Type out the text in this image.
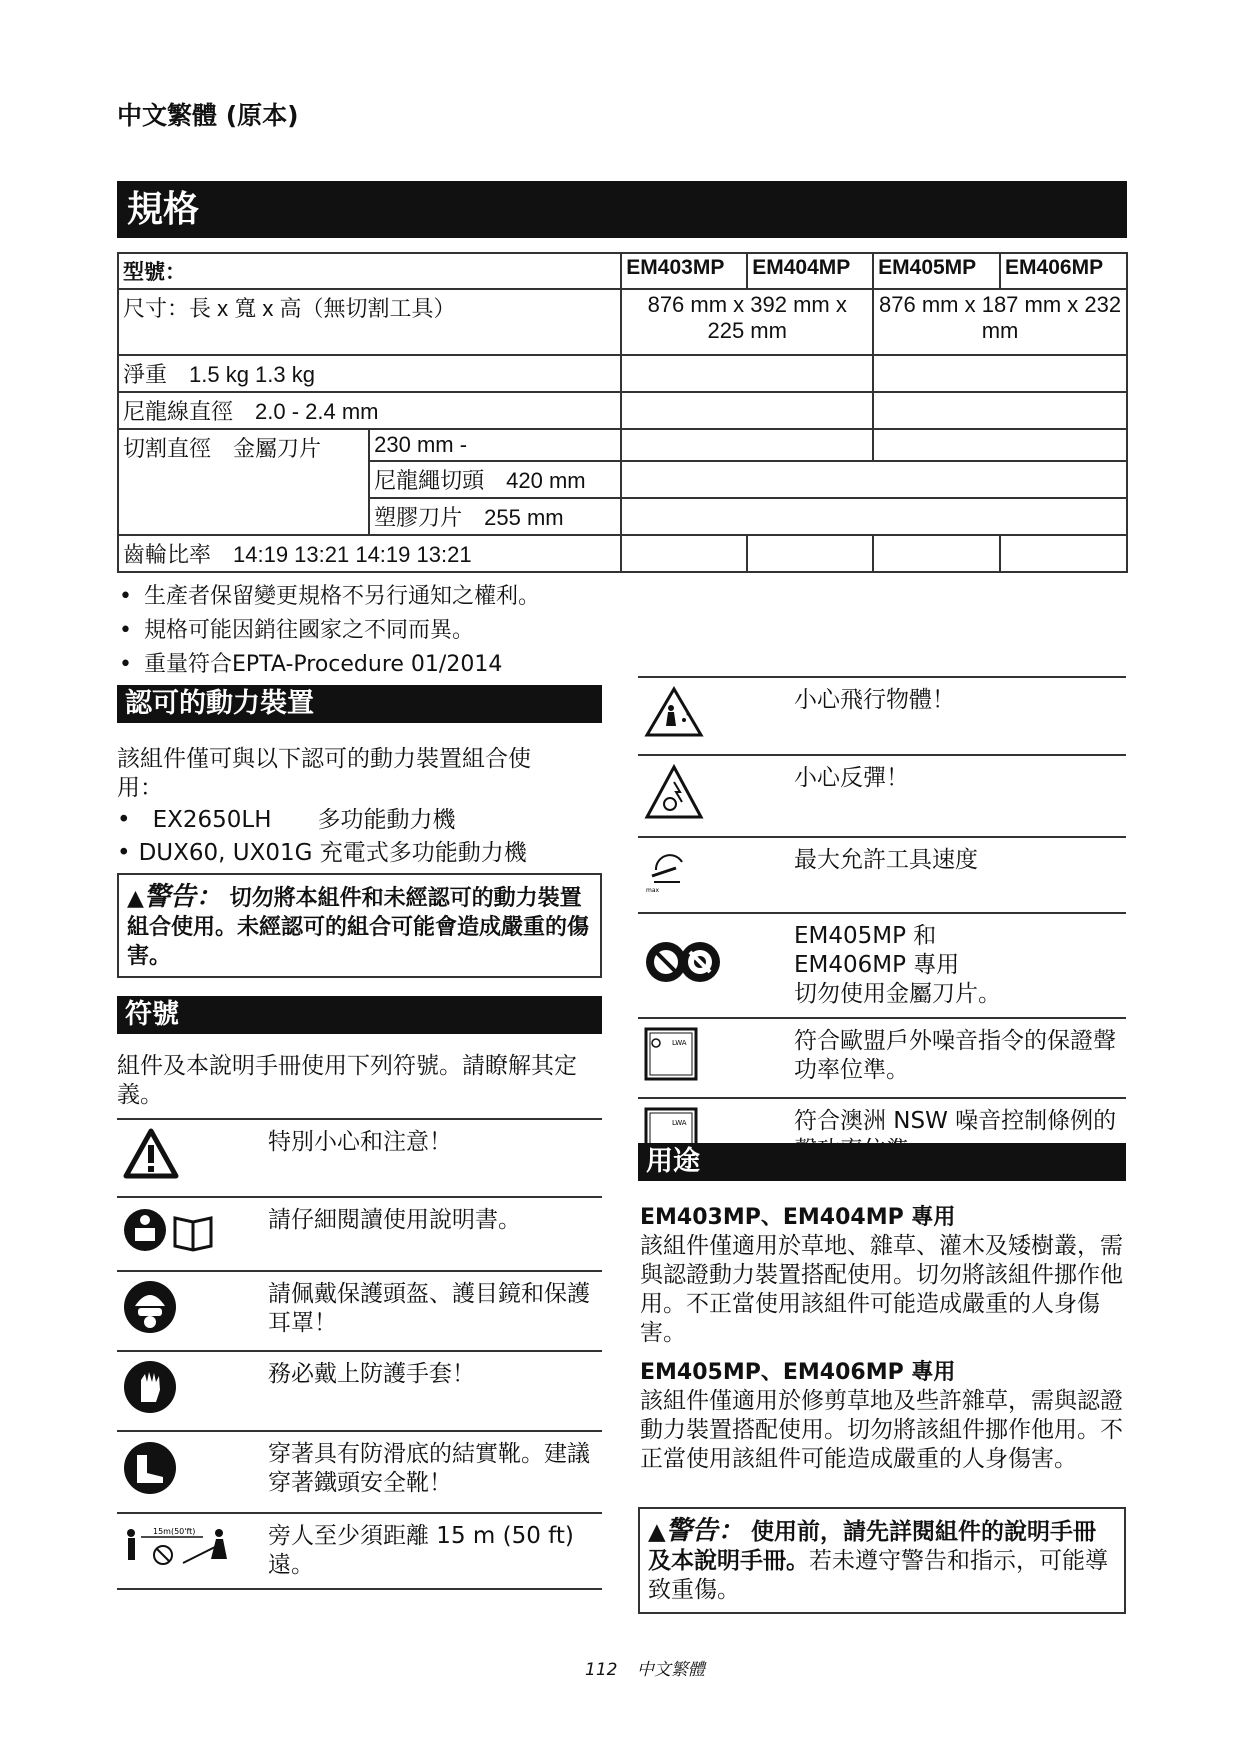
中文繁體 (原本)
規格
型號：		EM403MP	EM404MP	EM405MP	EM406MP
尺寸：長 x 寬 x 高（無切割工具）		876 mm x 392 mm x 225 mm		876 mm x 187 mm x 232 mm	
淨重　1.5 kg 1.3 kg					
尼龍線直徑　2.0 - 2.4 mm					
切割直徑　金屬刀片	230 mm -				
	尼龍繩切頭　420 mm				
	塑膠刀片　255 mm				
齒輪比率　14:19 13:21 14:19 13:21					
• 生產者保留變更規格不另行通知之權利。
• 規格可能因銷往國家之不同而異。
• 重量符合EPTA-Procedure 01/2014
認可的動力裝置
該組件僅可與以下認可的動力裝置組合使用：
• EX2650LH　　多功能動力機
• DUX60, UX01G 充電式多功能動力機
▲警告： 切勿將本組件和未經認可的動力裝置組合使用。未經認可的組合可能會造成嚴重的傷害。
符號
組件及本說明手冊使用下列符號。請瞭解其定義。
	特別小心和注意！
	請仔細閱讀使用說明書。
	請佩戴保護頭盔、護目鏡和保護耳罩！
	務必戴上防護手套！
	穿著具有防滑底的結實靴。建議穿著鐵頭安全靴！

15m(50'ft)	旁人至少須距離 15 m (50 ft) 遠。
	小心飛行物體！
	小心反彈！

max	最大允許工具速度
	EM405MP 和
EM406MP 專用
切勿使用金屬刀片。

LWA	符合歐盟戶外噪音指令的保證聲功率位準。

LWA	符合澳洲 NSW 噪音控制條例的
用途
EM403MP、EM404MP 專用
該組件僅適用於草地、雜草、灌木及矮樹叢，需與認證動力裝置搭配使用。切勿將該組件挪作他用。不正當使用該組件可能造成嚴重的人身傷害。
EM405MP、EM406MP 專用
該組件僅適用於修剪草地及些許雜草，需與認證動力裝置搭配使用。切勿將該組件挪作他用。不正當使用該組件可能造成嚴重的人身傷害。
▲警告： 使用前，請先詳閱組件的說明手冊及本說明手冊。若未遵守警告和指示，可能導致重傷。
112 中文繁體
